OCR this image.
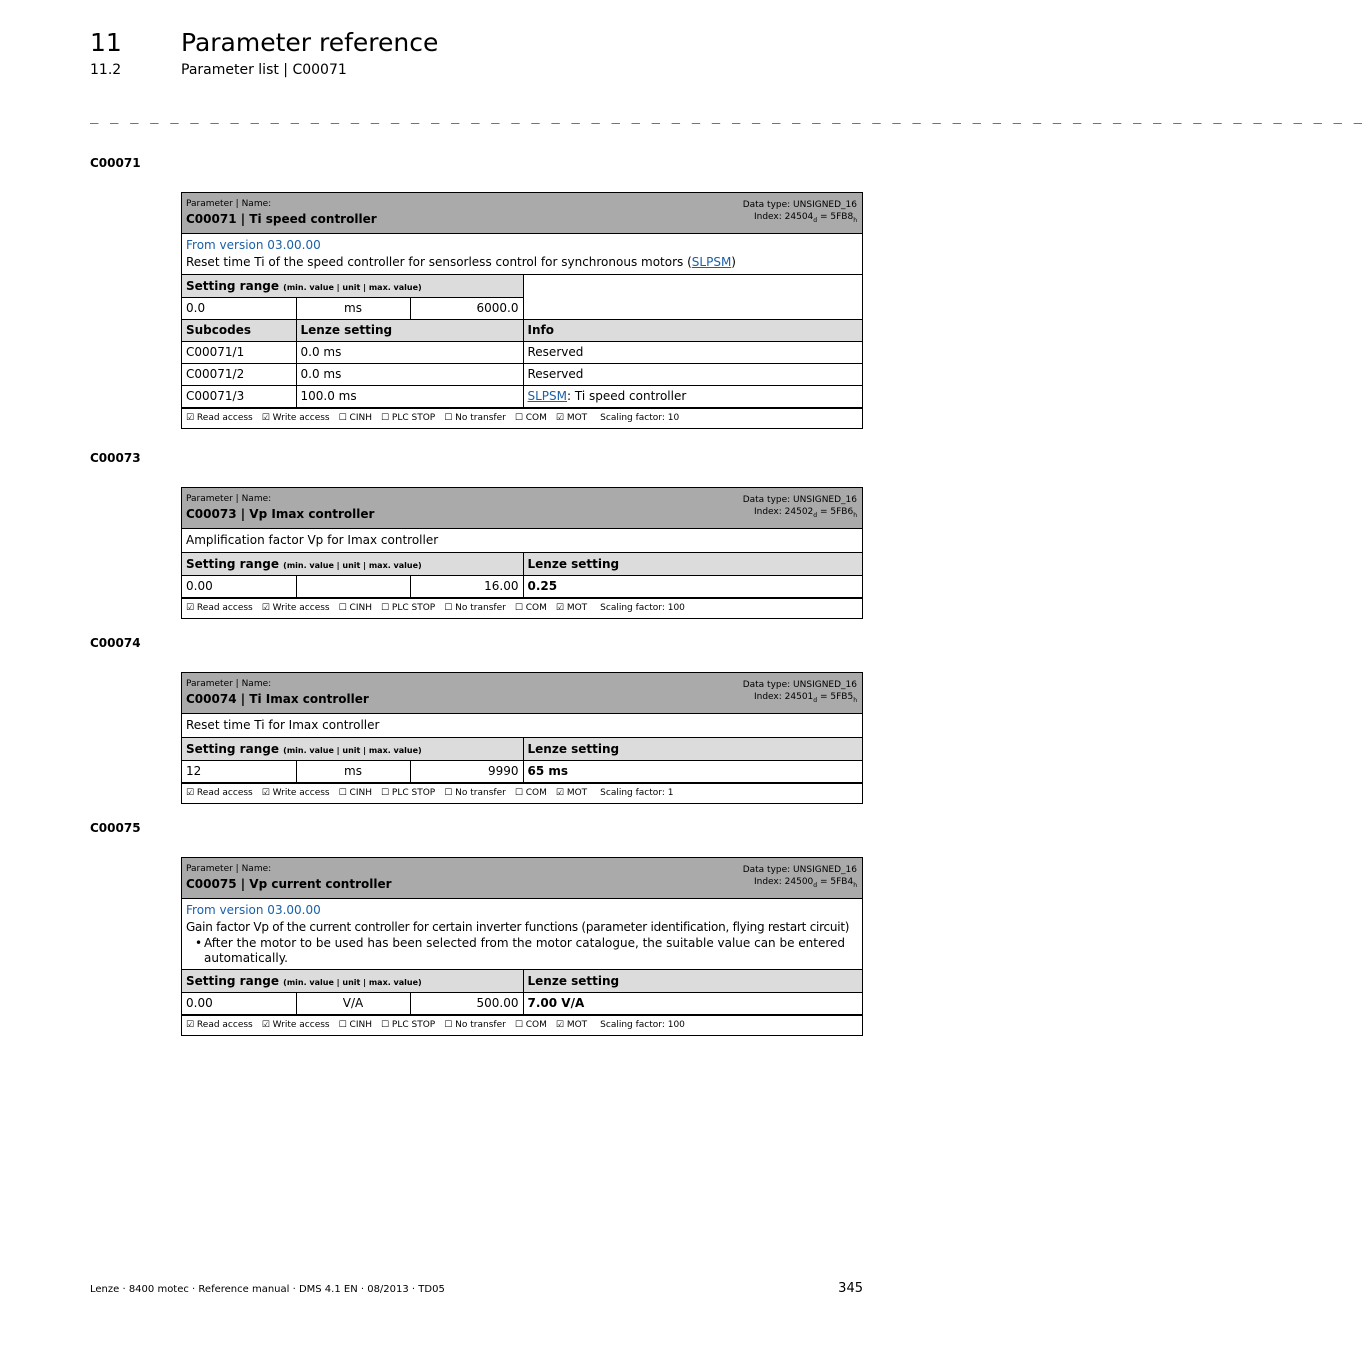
11 Parameter reference
11.2	Parameter list | C00071
_ _ _ _ _ _ _ _ _ _ _ _ _ _ _ _ _ _ _ _ _ _ _ _ _ _ _ _ _ _ _ _ _ _ _ _ _ _ _ _ _ _ _ _ _ _ _ _ _ _ _ _ _ _ _ _ _ _ _ _ _ _ _ _
C00071
Parameter | Name:
C00071 | Ti speed controller
Data type: UNSIGNED_16
Index: $24504_d = 5FB8_h$
From version 03.00.00
Reset time Ti of the speed controller for sensorless control for synchronous motors (SLPSM)
Setting range (min. value | unit | max. value)			
0.0	ms	6000.0	
Subcodes	Lenze setting		Info
C00071/1	0.0 ms		Reserved
C00071/2	0.0 ms		Reserved
C00071/3	100.0 ms		SLPSM: Ti speed controller
☑ Read access ☑ Write access ☐ CINH ☐ PLC STOP ☐ No transfer ☐ COM ☑ MOT Scaling factor: 10
C00073
Parameter | Name:
C00073 | Vp Imax controller
Data type: UNSIGNED_16
Index: $24502_d = 5FB6_h$
Amplification factor Vp for Imax controller
Setting range (min. value | unit | max. value)			Lenze setting
0.00		16.00	0.25
☑ Read access ☑ Write access ☐ CINH ☐ PLC STOP ☐ No transfer ☐ COM ☑ MOT Scaling factor: 100
C00074
Parameter | Name:
C00074 | Ti Imax controller
Data type: UNSIGNED_16
Index: $24501_d = 5FB5_h$
Reset time Ti for Imax controller
Setting range (min. value | unit | max. value)			Lenze setting
12	ms	9990	65 ms
☑ Read access ☑ Write access ☐ CINH ☐ PLC STOP ☐ No transfer ☐ COM ☑ MOT Scaling factor: 1
C00075
Parameter | Name:
C00075 | Vp current controller
Data type: UNSIGNED_16
Index: $24500_d = 5FB4_h$
From version 03.00.00
Gain factor Vp of the current controller for certain inverter functions (parameter identification, flying restart circuit)
• After the motor to be used has been selected from the motor catalogue, the suitable value can be entered automatically.
Setting range (min. value | unit | max. value)			Lenze setting
0.00	V/A	500.00	7.00 V/A
☑ Read access ☑ Write access ☐ CINH ☐ PLC STOP ☐ No transfer ☐ COM ☑ MOT Scaling factor: 100
Lenze · 8400 motec · Reference manual · DMS 4.1 EN · 08/2013 · TD05	345
